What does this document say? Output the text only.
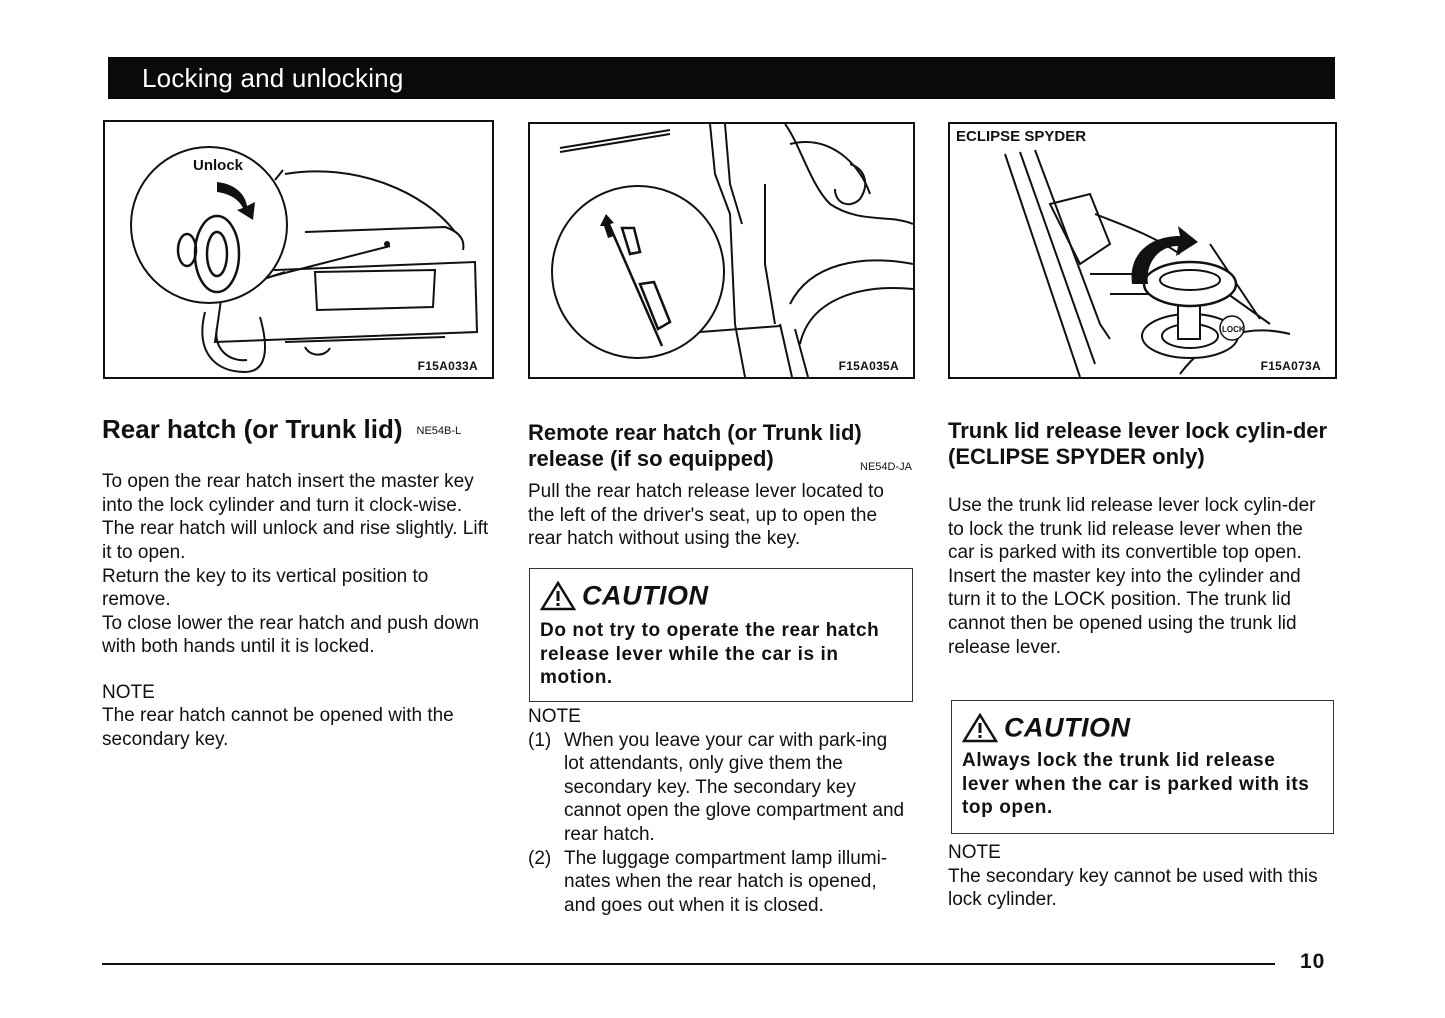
Locking and unlocking
Unlock
F15A033A	F15A035A
LOCK
ECLIPSE SPYDER
F15A073A
Rear hatch (or Trunk lid) NE54B-L

To open the rear hatch insert the master key into the lock cylinder and turn it clock-wise.

The rear hatch will unlock and rise slightly. Lift it to open.

Return the key to its vertical position to remove.

To close lower the rear hatch and push down with both hands until it is locked.

NOTE

The rear hatch cannot be opened with the secondary key.

Remote rear hatch (or Trunk lid) release (if so equipped)	NE54D-JA

Pull the rear hatch release lever located to the left of the driver's seat, up to open the rear hatch without using the key.

CAUTION
Do not try to operate the rear hatch release lever while the car is in motion.

NOTE

(1) When you leave your car with park-ing lot attendants, only give them the secondary key. The secondary key cannot open the glove compartment and rear hatch.
(2) The luggage compartment lamp illumi-nates when the rear hatch is opened, and goes out when it is closed.
Trunk lid release lever lock cylin-der (ECLIPSE SPYDER only)

Use the trunk lid release lever lock cylin-der to lock the trunk lid release lever when the car is parked with its convertible top open.

Insert the master key into the cylinder and turn it to the LOCK position. The trunk lid cannot then be opened using the trunk lid release lever.

CAUTION
Always lock the trunk lid release lever when the car is parked with its top open.

NOTE

The secondary key cannot be used with this lock cylinder.

10
